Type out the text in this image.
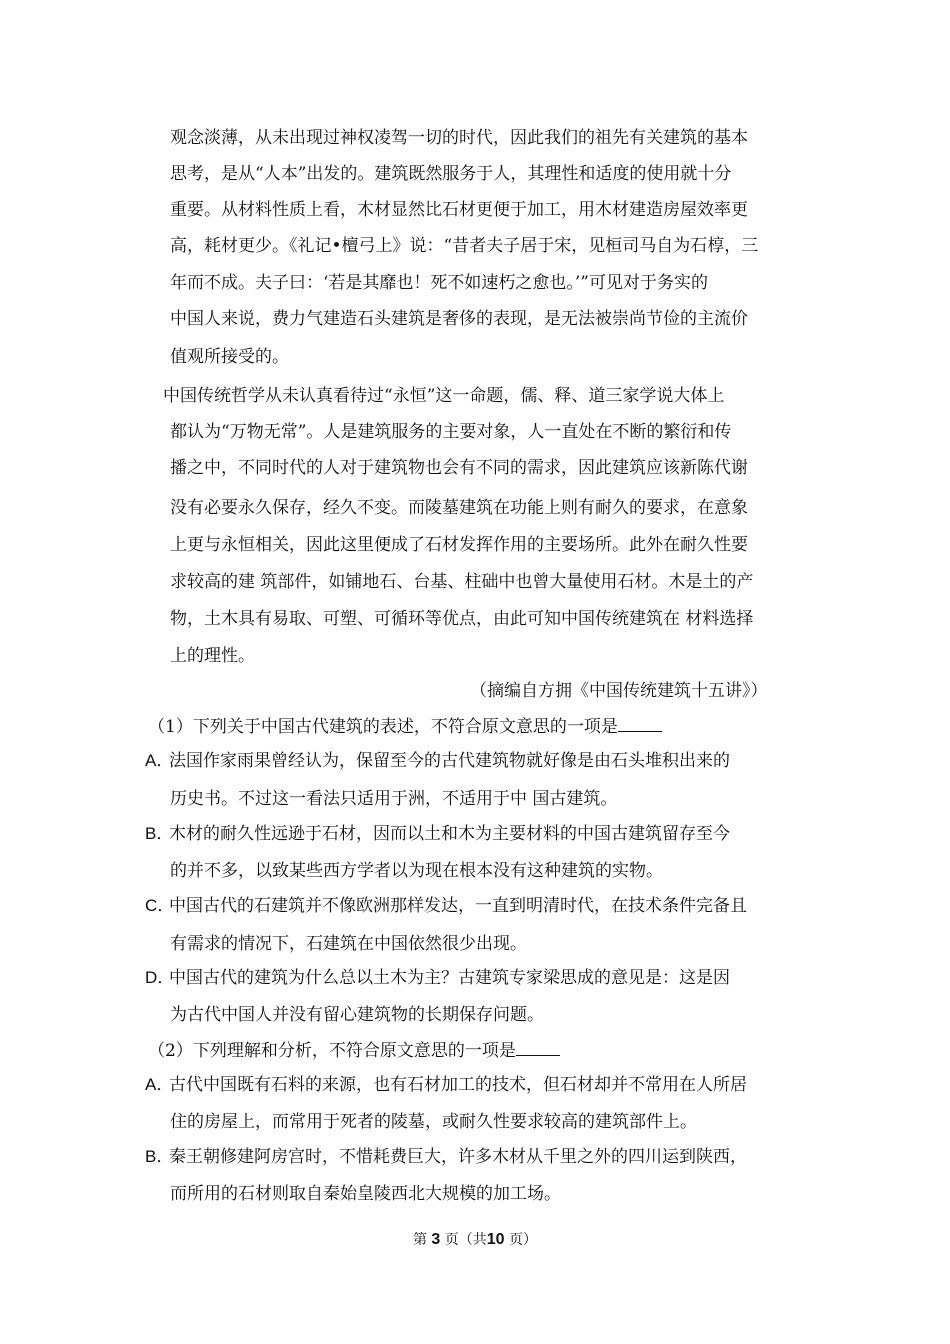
观念淡薄，从未出现过神权凌驾一切的时代，因此我们的祖先有关建筑的基本
思考，是从“人本”出发的。建筑既然服务于人，其理性和适度的使用就十分
重要。从材料性质上看，木材显然比石材更便于加工，用木材建造房屋效率更
高，耗材更少。《礼记•檀弓上》说：“昔者夫子居于宋，见桓司马自为石椁，三
年而不成。夫子曰：‘若是其靡也！死不如速朽之愈也。’”可见对于务实的
中国人来说，费力气建造石头建筑是奢侈的表现，是无法被崇尚节俭的主流价
值观所接受的。
中国传统哲学从未认真看待过“永恒”这一命题，儒、释、道三家学说大体上
都认为“万物无常”。人是建筑服务的主要对象，人一直处在不断的繁衍和传
播之中，不同时代的人对于建筑物也会有不同的需求，因此建筑应该新陈代谢
没有必要永久保存，经久不变。而陵墓建筑在功能上则有耐久的要求，在意象
上更与永恒相关，因此这里便成了石材发挥作用的主要场所。此外在耐久性要
求较高的建 筑部件，如铺地石、台基、柱础中也曾大量使用石材。木是土的产
物，土木具有易取、可塑、可循环等优点，由此可知中国传统建筑在 材料选择
上的理性。
（摘编自方拥《中国传统建筑十五讲》）
（1）下列关于中国古代建筑的表述，不符合原文意思的一项是
A．法国作家雨果曾经认为，保留至今的古代建筑物就好像是由石头堆积出来的
历史书。不过这一看法只适用于洲，不适用于中 国古建筑。
B．木材的耐久性远逊于石材，因而以土和木为主要材料的中国古建筑留存至今
的并不多，以致某些西方学者以为现在根本没有这种建筑的实物。
C．中国古代的石建筑并不像欧洲那样发达，一直到明清时代，在技术条件完备且
有需求的情况下，石建筑在中国依然很少出现。
D．中国古代的建筑为什么总以土木为主？古建筑专家梁思成的意见是：这是因
为古代中国人并没有留心建筑物的长期保存问题。
（2）下列理解和分析，不符合原文意思的一项是
A．古代中国既有石料的来源，也有石材加工的技术，但石材却并不常用在人所居
住的房屋上，而常用于死者的陵墓，或耐久性要求较高的建筑部件上。
B．秦王朝修建阿房宫时，不惜耗费巨大，许多木材从千里之外的四川运到陕西，
而所用的石材则取自秦始皇陵西北大规模的加工场。
第 3 页（共10 页）
